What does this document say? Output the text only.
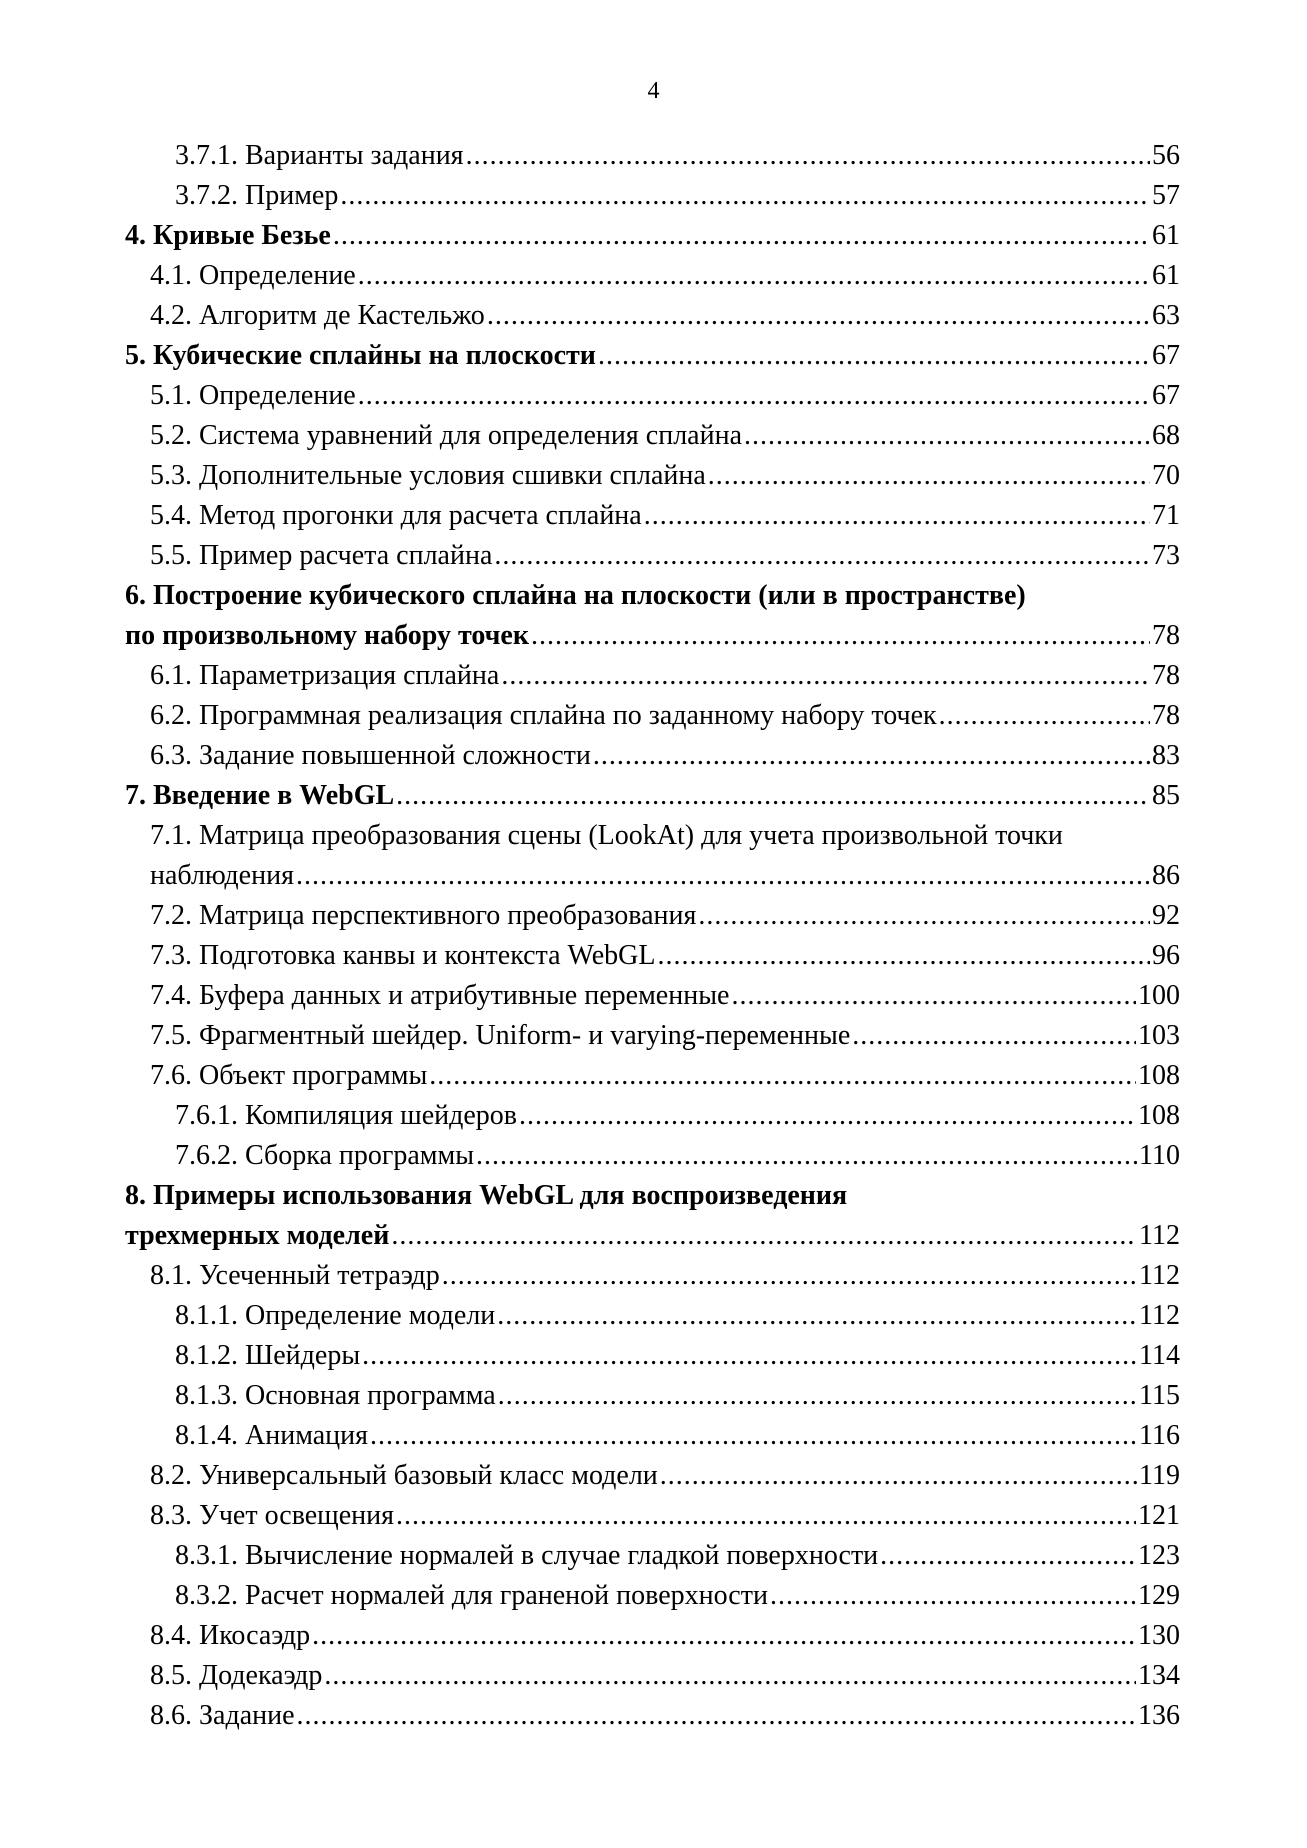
4
3.7.1. Варианты задания .....	56
3.7.2. Пример .....	57
4. Кривые Безье .....	61
4.1. Определение .....	61
4.2. Алгоритм де Кастельжо .....	63
5. Кубические сплайны на плоскости .....	67
5.1. Определение .....	67
5.2. Система уравнений для определения сплайна .....	68
5.3. Дополнительные условия сшивки сплайна .....	70
5.4. Метод прогонки для расчета сплайна .....	71
5.5. Пример расчета сплайна .....	73
6. Построение кубического сплайна на плоскости (или в пространстве)
по произвольному набору точек .....	78
6.1. Параметризация сплайна .....	78
6.2. Программная реализация сплайна по заданному набору точек .....	78
6.3. Задание повышенной сложности .....	83
7. Введение в WebGL .....	85
7.1. Матрица преобразования сцены (LookAt) для учета произвольной точки
наблюдения .....	86
7.2. Матрица перспективного преобразования .....	92
7.3. Подготовка канвы и контекста WebGL .....	96
7.4. Буфера данных и атрибутивные переменные .....	100
7.5. Фрагментный шейдер. Uniform- и varying-переменные .....	103
7.6. Объект программы .....	108
7.6.1. Компиляция шейдеров .....	108
7.6.2. Сборка программы .....	110
8. Примеры использования WebGL для воспроизведения
трехмерных моделей .....	112
8.1. Усеченный тетраэдр .....	112
8.1.1. Определение модели .....	112
8.1.2. Шейдеры .....	114
8.1.3. Основная программа .....	115
8.1.4. Анимация .....	116
8.2. Универсальный базовый класс модели .....	119
8.3. Учет освещения .....	121
8.3.1. Вычисление нормалей в случае гладкой поверхности .....	123
8.3.2. Расчет нормалей для граненой поверхности .....	129
8.4. Икосаэдр .....	130
8.5. Додекаэдр .....	134
8.6. Задание .....	136
